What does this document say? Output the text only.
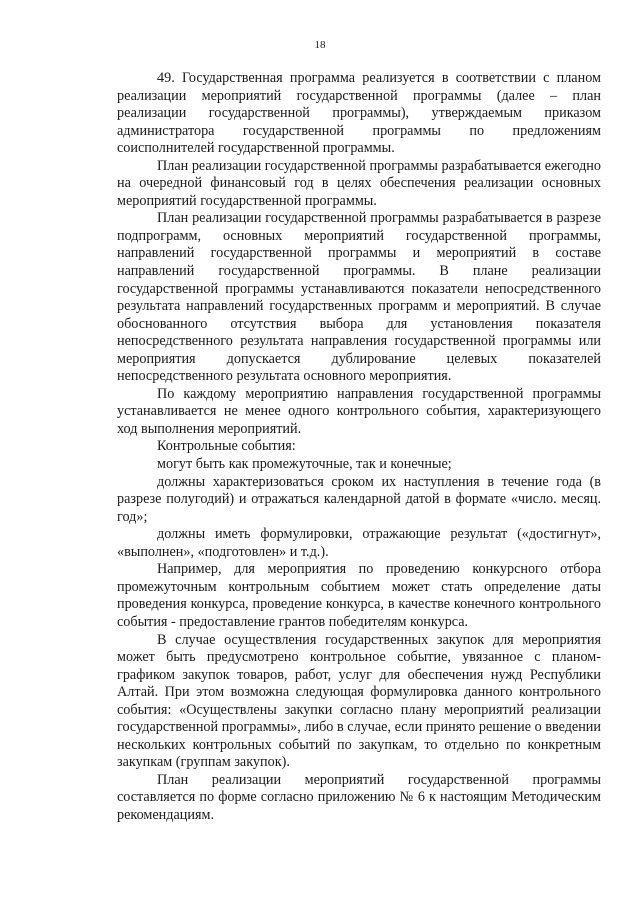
18

49. Государственная программа реализуется в соответствии с планом реализации мероприятий государственной программы (далее – план реализации государственной программы), утверждаемым приказом администратора государственной программы по предложениям соисполнителей государственной программы.

План реализации государственной программы разрабатывается ежегодно на очередной финансовый год в целях обеспечения реализации основных мероприятий государственной программы.

План реализации государственной программы разрабатывается в разрезе подпрограмм, основных мероприятий государственной программы, направлений государственной программы и мероприятий в составе направлений государственной программы. В плане реализации государственной программы устанавливаются показатели непосредственного результата направлений государственных программ и мероприятий. В случае обоснованного отсутствия выбора для установления показателя непосредственного результата направления государственной программы или мероприятия допускается дублирование целевых показателей непосредственного результата основного мероприятия.

По каждому мероприятию направления государственной программы устанавливается не менее одного контрольного события, характеризующего ход выполнения мероприятий.

Контрольные события:

могут быть как промежуточные, так и конечные;

должны характеризоваться сроком их наступления в течение года (в разрезе полугодий) и отражаться календарной датой в формате «число. месяц. год»;

должны иметь формулировки, отражающие результат («достигнут», «выполнен», «подготовлен» и т.д.).

Например, для мероприятия по проведению конкурсного отбора промежуточным контрольным событием может стать определение даты проведения конкурса, проведение конкурса, в качестве конечного контрольного события - предоставление грантов победителям конкурса.

В случае осуществления государственных закупок для мероприятия может быть предусмотрено контрольное событие, увязанное с планом-графиком закупок товаров, работ, услуг для обеспечения нужд Республики Алтай. При этом возможна следующая формулировка данного контрольного события: «Осуществлены закупки согласно плану мероприятий реализации государственной программы», либо в случае, если принято решение о введении нескольких контрольных событий по закупкам, то отдельно по конкретным закупкам (группам закупок).

План реализации мероприятий государственной программы составляется по форме согласно приложению № 6 к настоящим Методическим рекомендациям.
